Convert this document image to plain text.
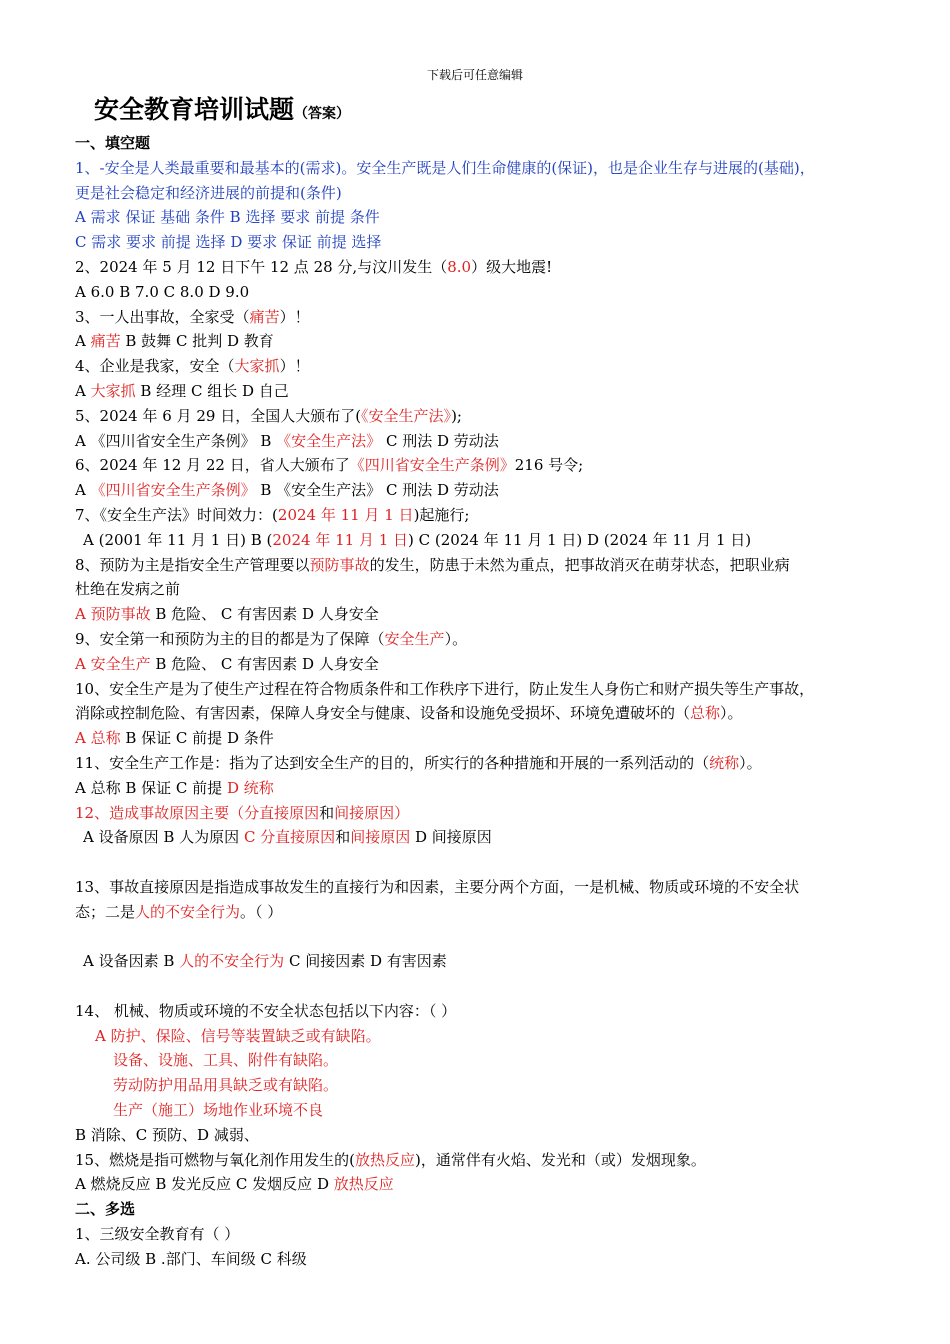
下载后可任意编辑
安全教育培训试题（答案）
一、填空题
1、-安全是人类最重要和最基本的(需求)。安全生产既是人们生命健康的(保证)，也是企业生存与进展的(基础)，
更是社会稳定和经济进展的前提和(条件)
A 需求 保证 基础 条件 B 选择 要求 前提 条件
C 需求 要求 前提 选择 D 要求 保证 前提 选择
2、2024 年 5 月 12 日下午 12 点 28 分,与汶川发生（8.0）级大地震!
A 6.0 B 7.0 C 8.0 D 9.0
3、一人出事故，全家受（痛苦）！
A 痛苦 B 鼓舞 C 批判 D 教育
4、企业是我家，安全（大家抓）！
A 大家抓 B 经理 C 组长 D 自己
5、2024 年 6 月 29 日，全国人大颁布了(《安全生产法》);
A 《四川省安全生产条例》 B 《安全生产法》 C 刑法 D 劳动法
6、2024 年 12 月 22 日，省人大颁布了《四川省安全生产条例》216 号令;
A 《四川省安全生产条例》 B 《安全生产法》 C 刑法 D 劳动法
7、《安全生产法》时间效力：(2024 年 11 月 1 日)起施行;
A (2001 年 11 月 1 日) B (2024 年 11 月 1 日) C (2024 年 11 月 1 日) D (2024 年 11 月 1 日)
8、预防为主是指安全生产管理要以预防事故的发生，防患于未然为重点，把事故消灭在萌芽状态，把职业病
杜绝在发病之前
A 预防事故 B 危险、 C 有害因素 D 人身安全
9、安全第一和预防为主的目的都是为了保障（安全生产）。
A 安全生产 B 危险、 C 有害因素 D 人身安全
10、安全生产是为了使生产过程在符合物质条件和工作秩序下进行，防止发生人身伤亡和财产损失等生产事故，
消除或控制危险、有害因素，保障人身安全与健康、设备和设施免受损坏、环境免遭破坏的（总称）。
A 总称 B 保证 C 前提 D 条件
11、安全生产工作是：指为了达到安全生产的目的，所实行的各种措施和开展的一系列活动的（统称）。
A 总称 B 保证 C 前提 D 统称
12、造成事故原因主要（分直接原因和间接原因）
A 设备原因 B 人为原因 C 分直接原因和间接原因 D 间接原因
13、事故直接原因是指造成事故发生的直接行为和因素，主要分两个方面，一是机械、物质或环境的不安全状
态；二是人的不安全行为。（ ）
A 设备因素 B 人的不安全行为 C 间接因素 D 有害因素
14、 机械、物质或环境的不安全状态包括以下内容：（ ）
A 防护、保险、信号等装置缺乏或有缺陷。
设备、设施、工具、附件有缺陷。
劳动防护用品用具缺乏或有缺陷。
生产（施工）场地作业环境不良
B 消除、C 预防、D 减弱、
15、燃烧是指可燃物与氧化剂作用发生的(放热反应)，通常伴有火焰、发光和（或）发烟现象。
A 燃烧反应 B 发光反应 C 发烟反应 D 放热反应
二、多选
1、三级安全教育有（ ）
A. 公司级 B .部门、车间级 C 科级
